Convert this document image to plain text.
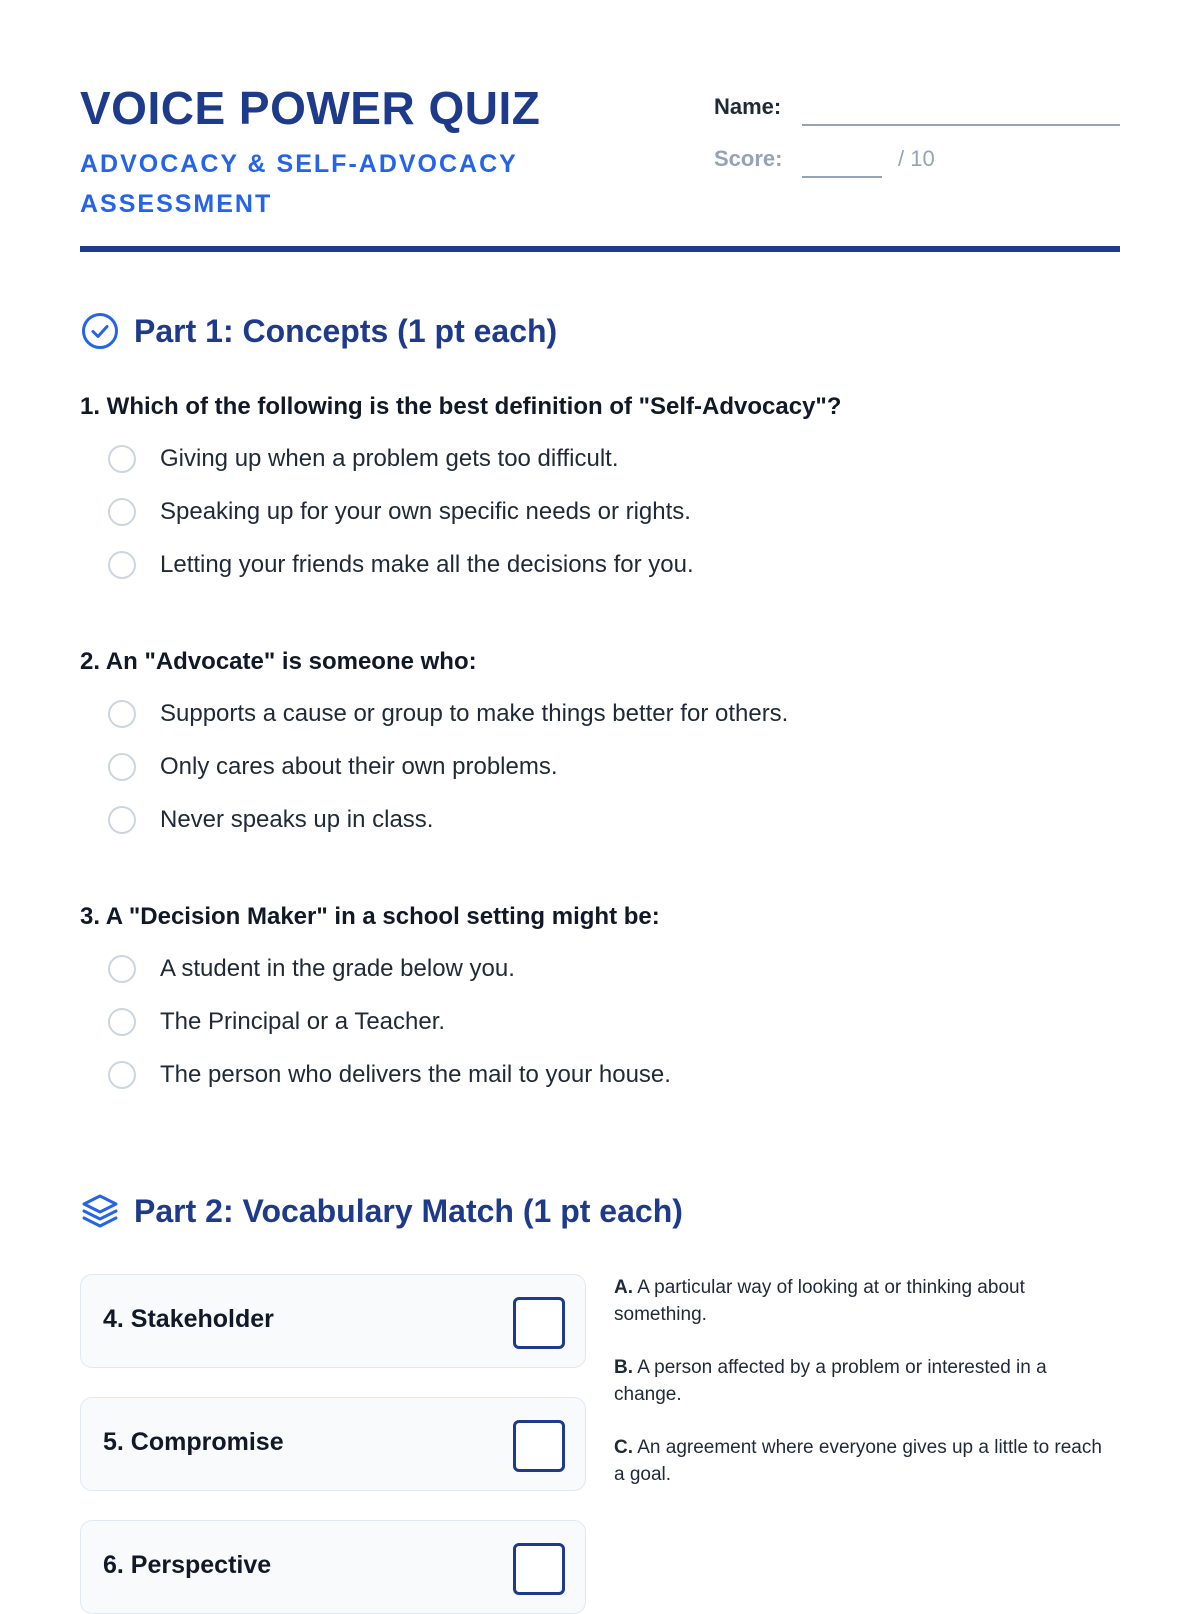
VOICE POWER QUIZ
ADVOCACY & SELF-ADVOCACY ASSESSMENT
Name:
Score:	/ 10
Part 1: Concepts (1 pt each)
1. Which of the following is the best definition of "Self-Advocacy"?
Giving up when a problem gets too difficult.
Speaking up for your own specific needs or rights.
Letting your friends make all the decisions for you.
2. An "Advocate" is someone who:
Supports a cause or group to make things better for others.
Only cares about their own problems.
Never speaks up in class.
3. A "Decision Maker" in a school setting might be:
A student in the grade below you.
The Principal or a Teacher.
The person who delivers the mail to your house.
Part 2: Vocabulary Match (1 pt each)
4. Stakeholder
5. Compromise
6. Perspective
A. A particular way of looking at or thinking about something.
B. A person affected by a problem or interested in a change.
C. An agreement where everyone gives up a little to reach a goal.
